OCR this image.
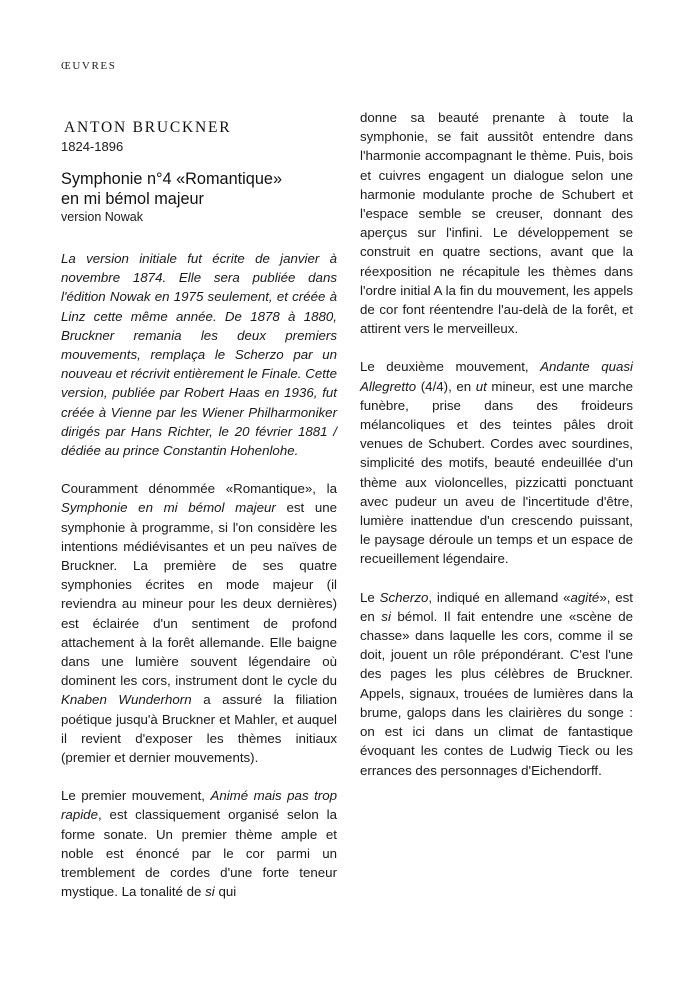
ŒUVRES
ANTON BRUCKNER
1824-1896
Symphonie n°4 «Romantique»
en mi bémol majeur
version Nowak

La version initiale fut écrite de janvier à novembre 1874. Elle sera publiée dans l'édition Nowak en 1975 seulement, et créée à Linz cette même année. De 1878 à 1880, Bruckner remania les deux premiers mouvements, remplaça le Scherzo par un nouveau et récrivit entièrement le Finale. Cette version, publiée par Robert Haas en 1936, fut créée à Vienne par les Wiener Philharmoniker dirigés par Hans Richter, le 20 février 1881 / dédiée au prince Constantin Hohenlohe.

Couramment dénommée «Romantique», la Symphonie en mi bémol majeur est une symphonie à programme, si l'on considère les intentions médiévisantes et un peu naïves de Bruckner. La première de ses quatre symphonies écrites en mode majeur (il reviendra au mineur pour les deux dernières) est éclairée d'un sentiment de profond attachement à la forêt allemande. Elle baigne dans une lumière souvent légendaire où dominent les cors, instrument dont le cycle du Knaben Wunderhorn a assuré la filiation poétique jusqu'à Bruckner et Mahler, et auquel il revient d'exposer les thèmes initiaux (premier et dernier mouvements).

Le premier mouvement, Animé mais pas trop rapide, est classiquement organisé selon la forme sonate. Un premier thème ample et noble est énoncé par le cor parmi un tremblement de cordes d'une forte teneur mystique. La tonalité de si qui

donne sa beauté prenante à toute la symphonie, se fait aussitôt entendre dans l'harmonie accompagnant le thème. Puis, bois et cuivres engagent un dialogue selon une harmonie modulante proche de Schubert et l'espace semble se creuser, donnant des aperçus sur l'infini. Le développement se construit en quatre sections, avant que la réexposition ne récapitule les thèmes dans l'ordre initial A la fin du mouvement, les appels de cor font réentendre l'au-delà de la forêt, et attirent vers le merveilleux.

Le deuxième mouvement, Andante quasi Allegretto (4/4), en ut mineur, est une marche funèbre, prise dans des froideurs mélancoliques et des teintes pâles droit venues de Schubert. Cordes avec sourdines, simplicité des motifs, beauté endeuillée d'un thème aux violoncelles, pizzicatti ponctuant avec pudeur un aveu de l'incertitude d'être, lumière inattendue d'un crescendo puissant, le paysage déroule un temps et un espace de recueillement légendaire.

Le Scherzo, indiqué en allemand «agité», est en si bémol. Il fait entendre une «scène de chasse» dans laquelle les cors, comme il se doit, jouent un rôle prépondérant. C'est l'une des pages les plus célèbres de Bruckner. Appels, signaux, trouées de lumières dans la brume, galops dans les clairières du songe : on est ici dans un climat de fantastique évoquant les contes de Ludwig Tieck ou les errances des personnages d'Eichendorff.
